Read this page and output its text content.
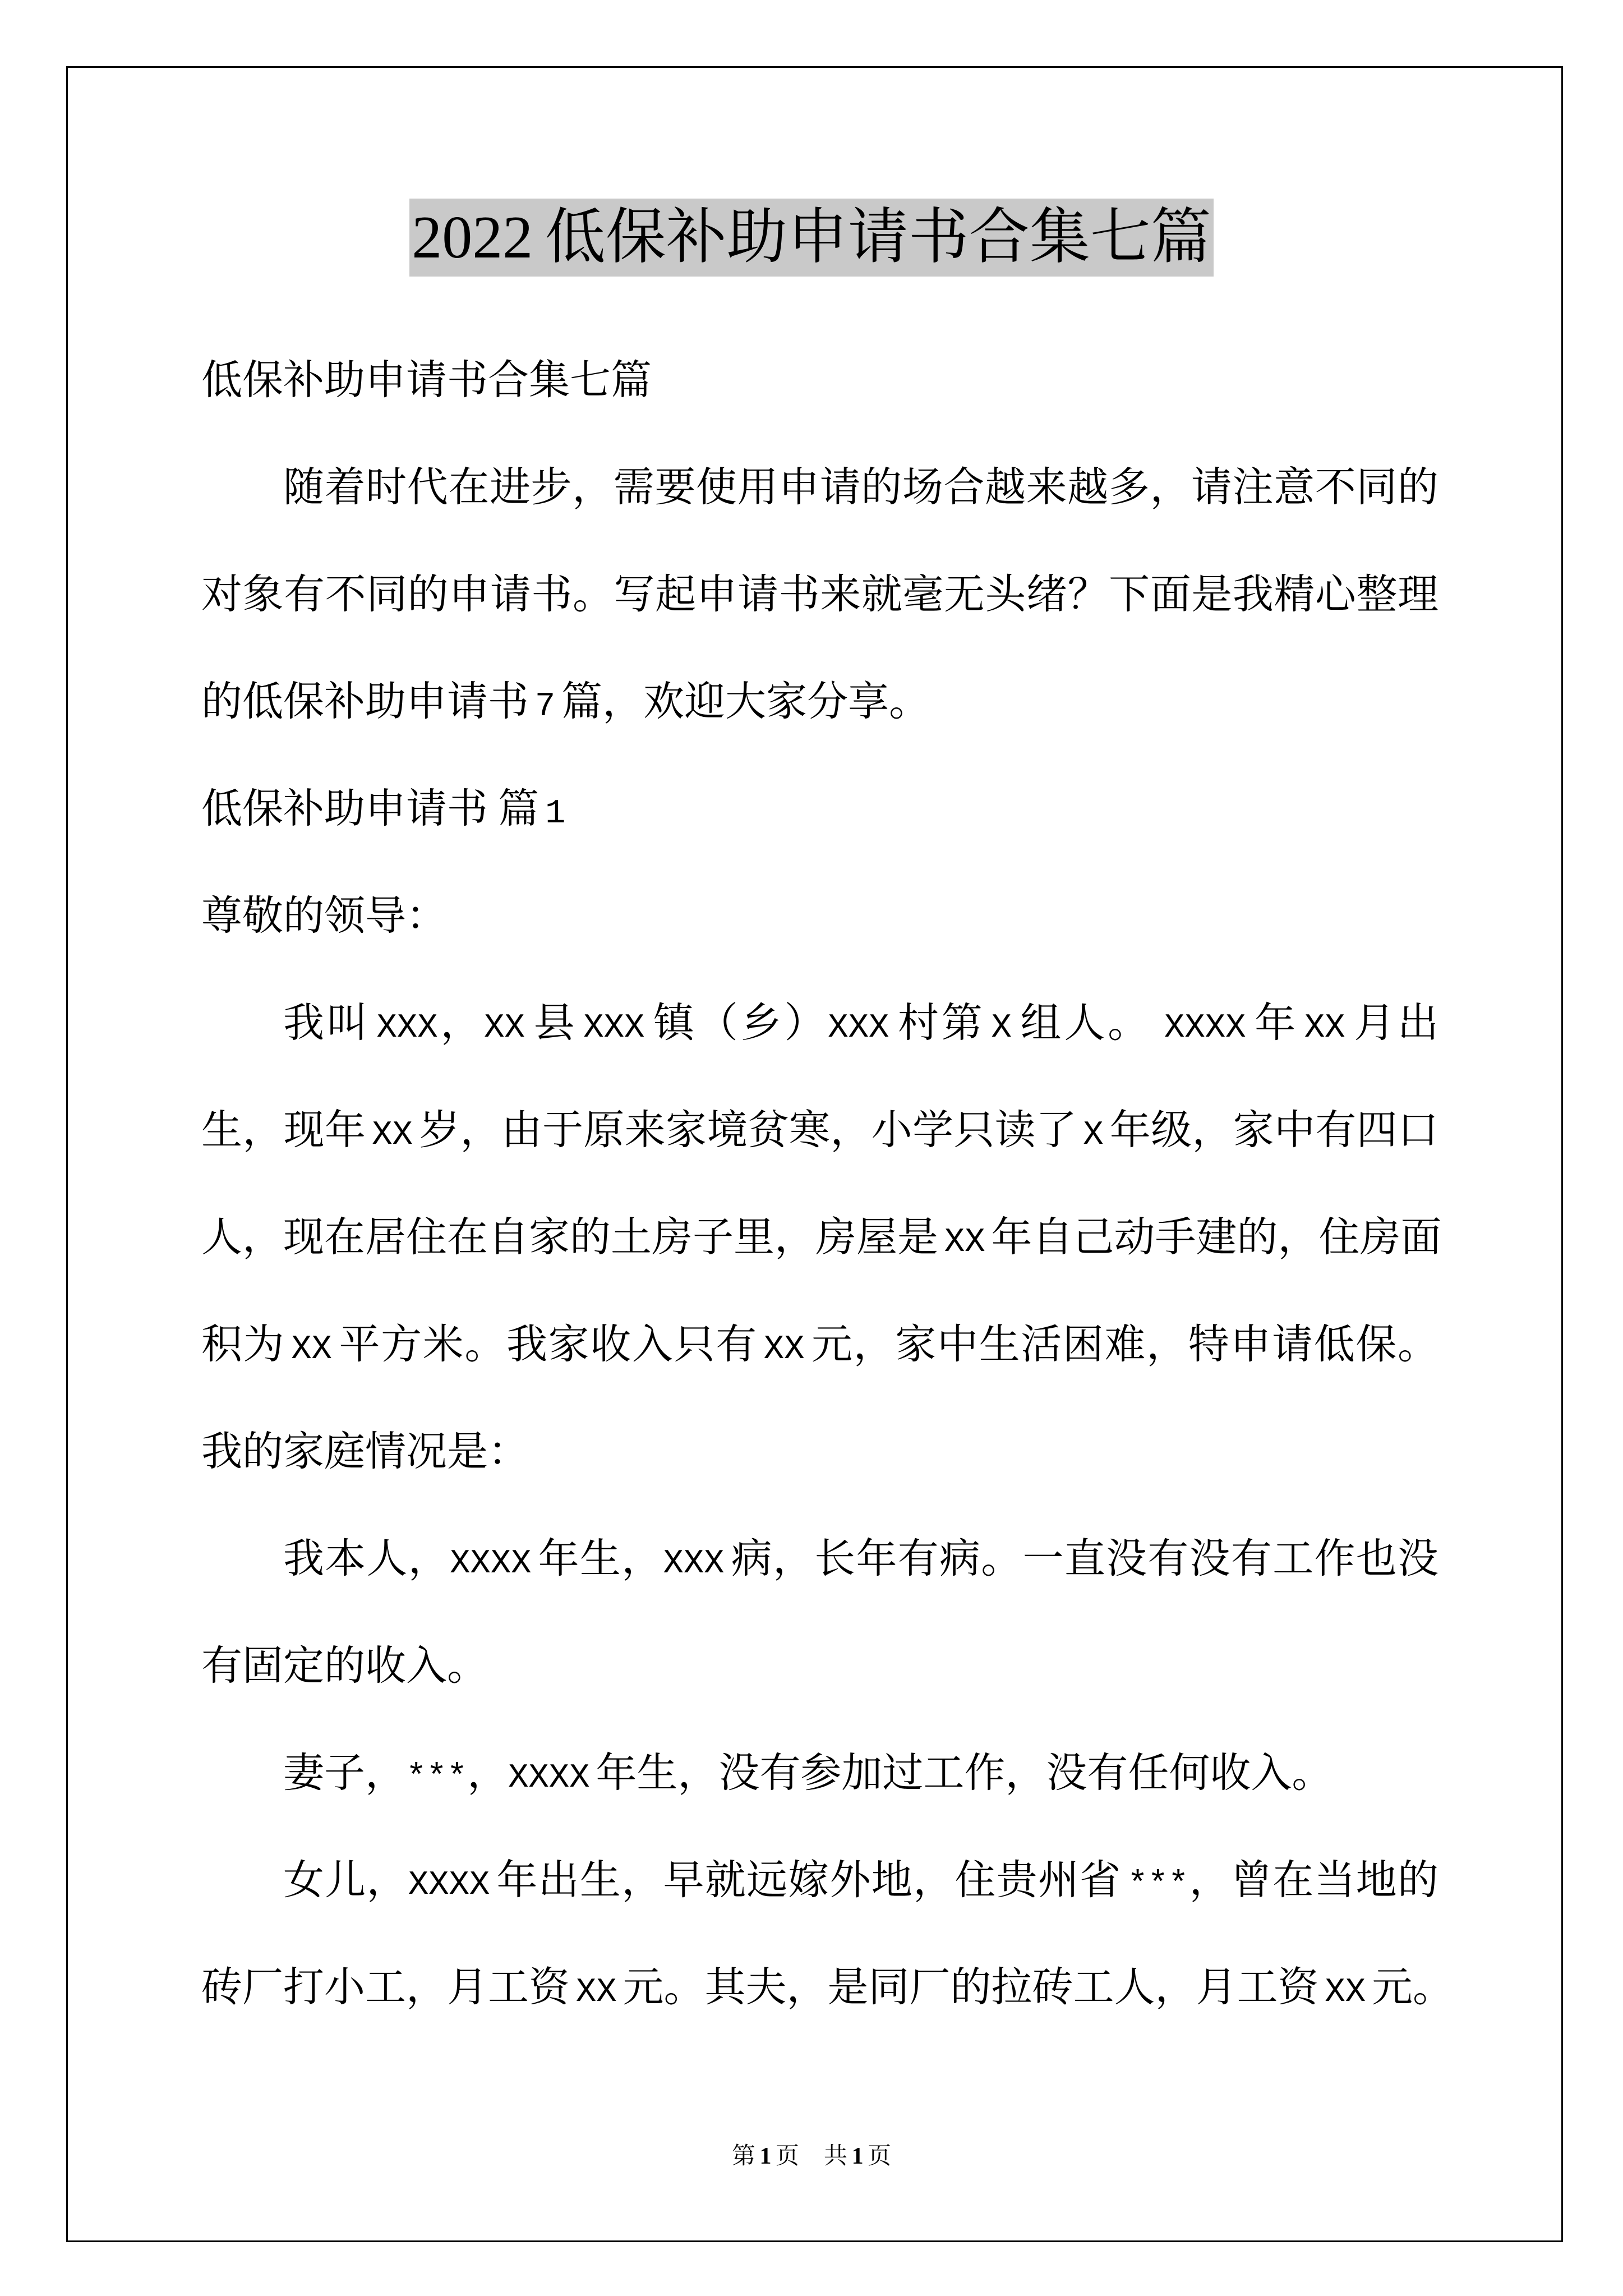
2022 低保补助申请书合集七篇
低保补助申请书合集七篇
随着时代在进步，需要使用申请的场合越来越多，请注意不同的
对象有不同的申请书。写起申请书来就毫无头绪？下面是我精心整理
的低保补助申请书 7 篇，欢迎大家分享。
低保补助申请书 篇 1
尊敬的领导：
我叫 XXX，XX 县 XXX 镇（乡）XXX 村第 X 组人。 XXXX 年 XX 月出
生，现年 XX 岁，由于原来家境贫寒，小学只读了 X 年级，家中有四口
人，现在居住在自家的土房子里，房屋是 XX 年自己动手建的，住房面
积为 XX 平方米。我家收入只有 XX 元，家中生活困难，特申请低保。
我的家庭情况是：
我本人，XXXX 年生，XXX 病，长年有病。一直没有没有工作也没
有固定的收入。
妻子，***，XXXX 年生，没有参加过工作，没有任何收入。
女儿，XXXX 年出生，早就远嫁外地，住贵州省 ***，曾在当地的
砖厂打小工，月工资 XX 元。其夫，是同厂的拉砖工人，月工资 XX 元。
第 1 页 共 1 页
